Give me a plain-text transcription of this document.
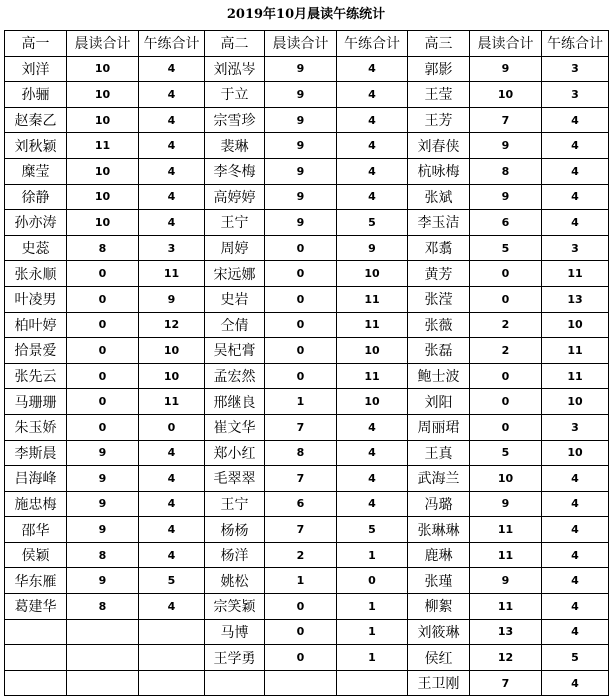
2019年10月晨读午练统计
高一	晨读合计	午练合计	高二	晨读合计	午练合计	高三	晨读合计	午练合计
刘洋	10	4	刘泓岑	9	4	郭影	9	3
孙骊	10	4	于立	9	4	王莹	10	3
赵秦乙	10	4	宗雪珍	9	4	王芳	7	4
刘秋颖	11	4	裴琳	9	4	刘春侠	9	4
糜莹	10	4	李冬梅	9	4	杭咏梅	8	4
徐静	10	4	高婷婷	9	4	张斌	9	4
孙亦涛	10	4	王宁	9	5	李玉洁	6	4
史蕊	8	3	周婷	0	9	邓翥	5	3
张永顺	0	11	宋远娜	0	10	黄芳	0	11
叶凌男	0	9	史岩	0	11	张滢	0	13
柏叶婷	0	12	仝倩	0	11	张薇	2	10
拾景爱	0	10	吴杞膏	0	10	张磊	2	11
张先云	0	10	孟宏然	0	11	鲍士波	0	11
马珊珊	0	11	邢继良	1	10	刘阳	0	10
朱玉娇	0	0	崔文华	7	4	周丽珺	0	3
李斯晨	9	4	郑小红	8	4	王真	5	10
吕海峰	9	4	毛翠翠	7	4	武海兰	10	4
施忠梅	9	4	王宁	6	4	冯璐	9	4
邵华	9	4	杨杨	7	5	张琳琳	11	4
侯颖	8	4	杨洋	2	1	鹿琳	11	4
华东雁	9	5	姚松	1	0	张瑾	9	4
葛建华	8	4	宗笑颖	0	1	柳絮	11	4
			马博	0	1	刘筱琳	13	4
			王学勇	0	1	侯红	12	5
						王卫刚	7	4
